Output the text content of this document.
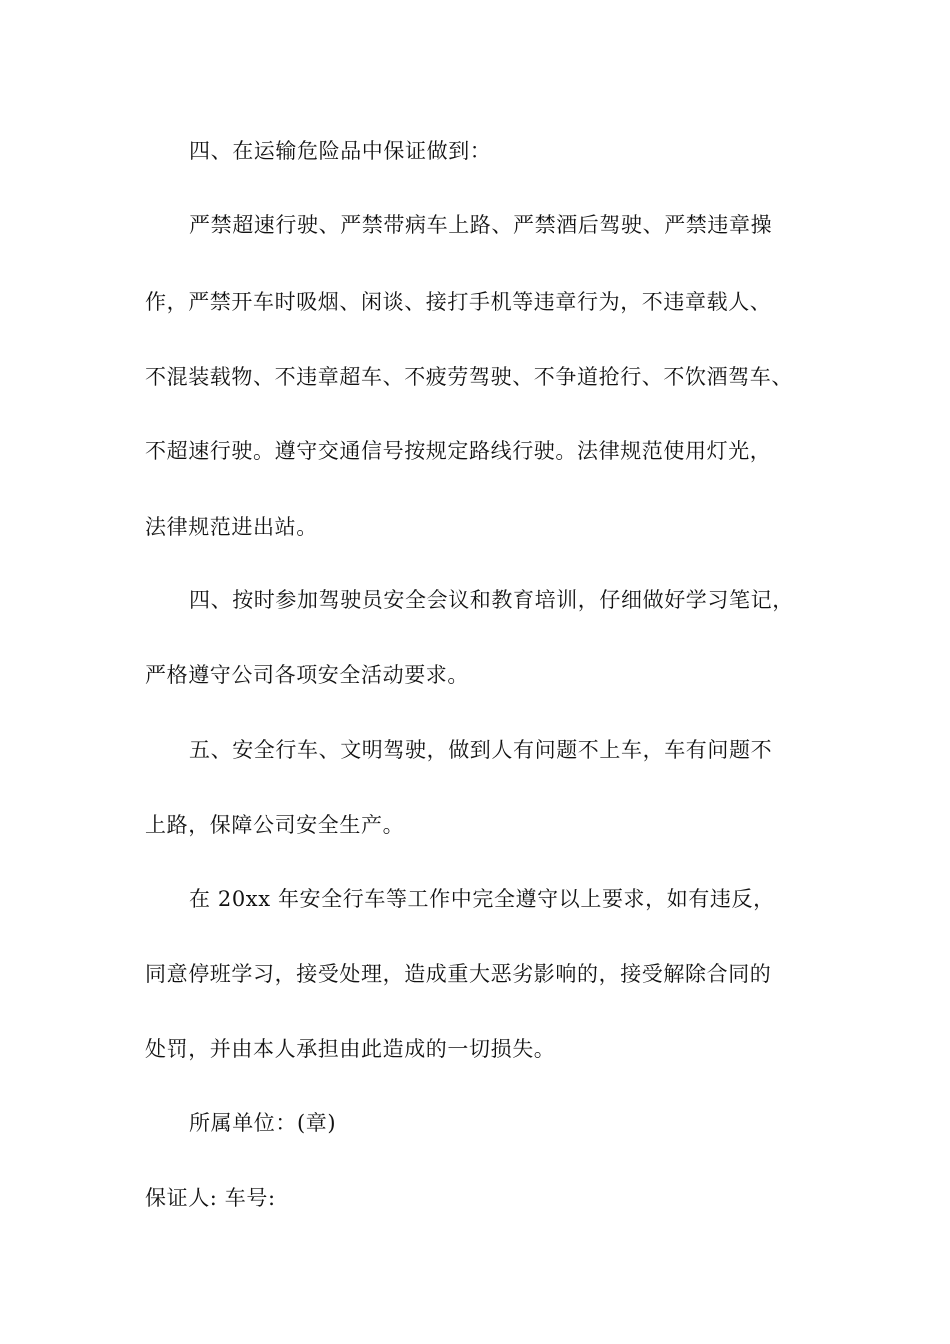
四、在运输危险品中保证做到：
严禁超速行驶、严禁带病车上路、严禁酒后驾驶、严禁违章操
作，严禁开车时吸烟、闲谈、接打手机等违章行为，不违章载人、
不混装载物、不违章超车、不疲劳驾驶、不争道抢行、不饮酒驾车、
不超速行驶。遵守交通信号按规定路线行驶。法律规范使用灯光，
法律规范进出站。
四、按时参加驾驶员安全会议和教育培训，仔细做好学习笔记，
严格遵守公司各项安全活动要求。
五、安全行车、文明驾驶，做到人有问题不上车，车有问题不
上路，保障公司安全生产。
在 20xx 年安全行车等工作中完全遵守以上要求，如有违反，
同意停班学习，接受处理，造成重大恶劣影响的，接受解除合同的
处罚，并由本人承担由此造成的一切损失。
所属单位：(章)
保证人: 车号:
